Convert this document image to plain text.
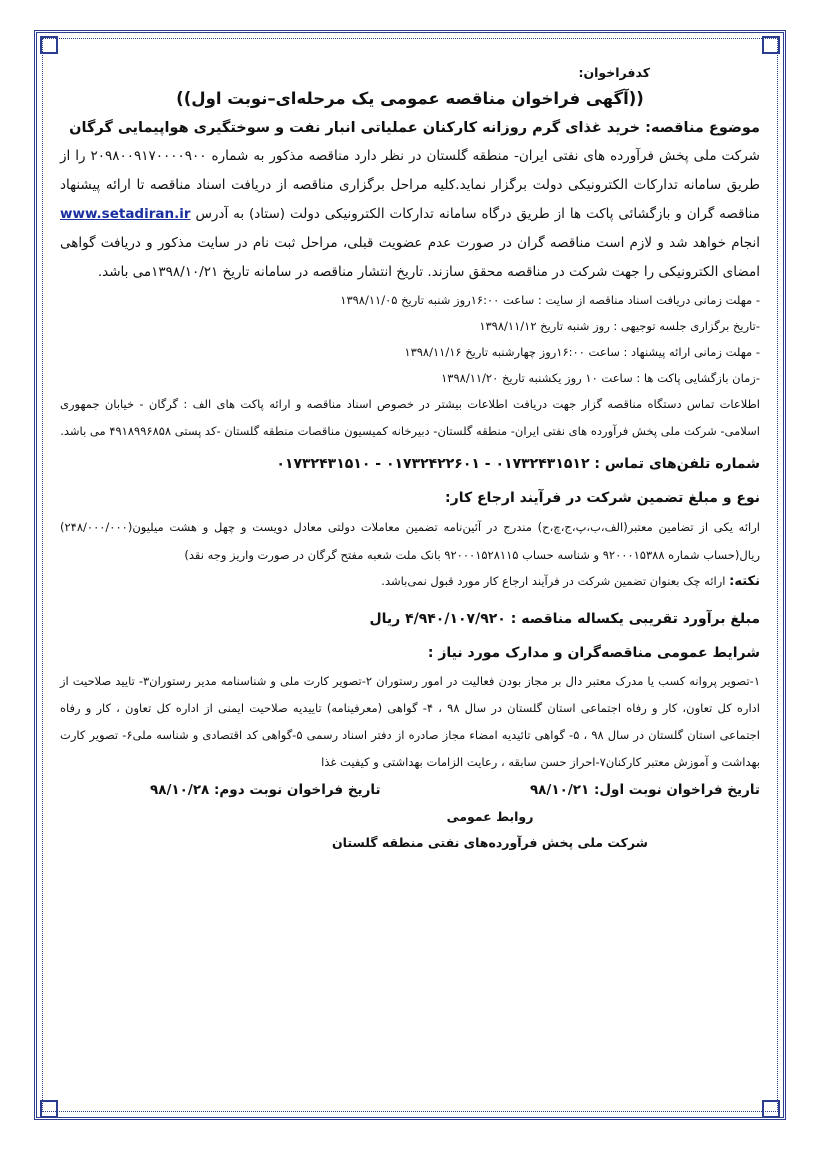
کدفراخوان:
((آگهی فراخوان مناقصه عمومی یک مرحله‌ای–نوبت اول))
موضوع مناقصه: خرید غذای گرم روزانه کارکنان عملیاتی انبار نفت و سوختگیری هواپیمایی گرگان
شرکت ملی پخش فرآورده های نفتی ایران- منطقه گلستان در نظر دارد مناقصه مذکور به شماره ۲۰۹۸۰۰۹۱۷۰۰۰۰۹۰۰ را از طریق سامانه تدارکات الکترونیکی دولت برگزار نماید.کلیه مراحل برگزاری مناقصه از دریافت اسناد مناقصه تا ارائه پیشنهاد مناقصه گران و بازگشائی پاکت ها از طریق درگاه سامانه تدارکات الکترونیکی دولت (ستاد) به آدرس www.setadiran.ir انجام خواهد شد و لازم است مناقصه گران در صورت عدم عضویت قبلی، مراحل ثبت نام در سایت مذکور و دریافت گواهی امضای الکترونیکی را جهت شرکت در مناقصه محقق سازند. تاریخ انتشار مناقصه در سامانه تاریخ ۱۳۹۸/۱۰/۲۱می باشد.
- مهلت زمانی دریافت اسناد مناقصه از سایت : ساعت ۱۶:۰۰روز شنبه تاریخ ۱۳۹۸/۱۱/۰۵
-تاریخ برگزاری جلسه توجیهی : روز شنبه تاریخ ۱۳۹۸/۱۱/۱۲
- مهلت زمانی ارائه پیشنهاد : ساعت ۱۶:۰۰روز چهارشنبه تاریخ ۱۳۹۸/۱۱/۱۶
-زمان بازگشایی پاکت ها : ساعت ۱۰ روز یکشنبه تاریخ ۱۳۹۸/۱۱/۲۰
اطلاعات تماس دستگاه مناقصه گزار جهت دریافت اطلاعات بیشتر در خصوص اسناد مناقصه و ارائه پاکت های الف : گرگان - خیابان جمهوری اسلامی- شرکت ملی پخش فرآورده های نفتی ایران- منطقه گلستان- دبیرخانه کمیسیون مناقصات منطقه گلستان -کد پستی ۴۹۱۸۹۹۶۸۵۸ می باشد.
شماره تلفن‌های تماس : ۰۱۷۳۲۴۳۱۵۱۲ - ۰۱۷۳۲۴۲۲۶۰۱ - ۰۱۷۳۲۴۳۱۵۱۰
نوع و مبلغ تضمین شرکت در فرآیند ارجاع کار:
ارائه یکی از تضامین معتبر(الف،ب،پ،ج،چ،ح) مندرج در آئین‌نامه تضمین معاملات دولتی معادل دویست و چهل و هشت میلیون(۲۴۸/۰۰۰/۰۰۰) ریال(حساب شماره ۹۲۰۰۰۱۵۳۸۸ و شناسه حساب ۹۲۰۰۰۱۵۲۸۱۱۵ بانک ملت شعبه مفتح گرگان در صورت واریز وجه نقد)
نکته: ارائه چک بعنوان تضمین شرکت در فرآیند ارجاع کار مورد قبول نمی‌باشد.
مبلغ برآورد تقریبی یکساله مناقصه : ۴/۹۴۰/۱۰۷/۹۲۰ ریال
شرایط عمومی مناقصه‌گران و مدارک مورد نیاز :
۱-تصویر پروانه کسب یا مدرک معتبر دال بر مجاز بودن فعالیت در امور رستوران ۲-تصویر کارت ملی و شناسنامه مدیر رستوران۳- تایید صلاحیت از اداره کل تعاون، کار و رفاه اجتماعی استان گلستان در سال ۹۸ ، ۴- گواهی (معرفینامه) تاییدیه صلاحیت ایمنی از اداره کل تعاون ، کار و رفاه اجتماعی استان گلستان در سال ۹۸ ، ۵- گواهی تائیدیه امضاء مجاز صادره از دفتر اسناد رسمی ۵-گواهی کد اقتصادی و شناسه ملی۶- تصویر کارت بهداشت و آموزش معتبر کارکنان۷-احراز حسن سابقه ، رعایت الزامات بهداشتی و کیفیت غذا
تاریخ فراخوان نوبت اول: ۹۸/۱۰/۲۱
تاریخ فراخوان نوبت دوم: ۹۸/۱۰/۲۸
روابط عمومی
شرکت ملی پخش فرآورده‌های نفتی منطقه گلستان
